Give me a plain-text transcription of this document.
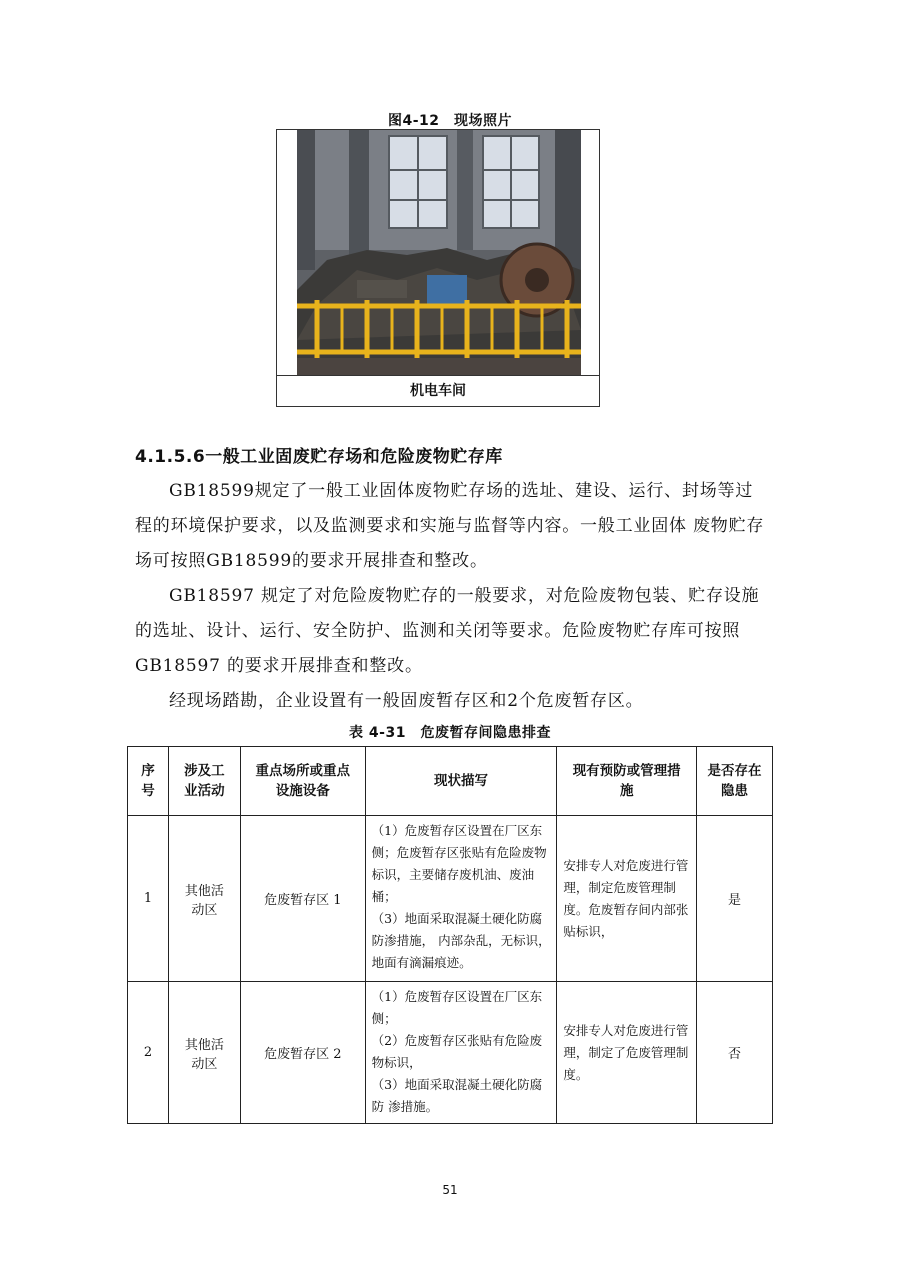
图4-12　现场照片
机电车间
4.1.5.6一般工业固废贮存场和危险废物贮存库
GB18599规定了一般工业固体废物贮存场的选址、建设、运行、封场等过程的环境保护要求，以及监测要求和实施与监督等内容。一般工业固体 废物贮存场可按照GB18599的要求开展排查和整改。
GB18597 规定了对危险废物贮存的一般要求，对危险废物包装、贮存设施的选址、设计、运行、安全防护、监测和关闭等要求。危险废物贮存库可按照GB18597 的要求开展排查和整改。
经现场踏勘，企业设置有一般固废暂存区和2个危废暂存区。
表 4-31　危废暂存间隐患排查
序号	涉及工业活动	重点场所或重点设施设备	现状描写	现有预防或管理措施	是否存在隐患
1	其他活动区	危废暂存区 1	（1）危废暂存区设置在厂区东侧；危废暂存区张贴有危险废物标识，主要储存废机油、废油桶；
（3）地面采取混凝土硬化防腐防渗措施， 内部杂乱，无标识，地面有滴漏痕迹。	安排专人对危废进行管理，制定危废管理制度。危废暂存间内部张贴标识，	是
2	其他活动区	危废暂存区 2	（1）危废暂存区设置在厂区东侧；
（2）危废暂存区张贴有危险废物标识，
（3）地面采取混凝土硬化防腐防 渗措施。	安排专人对危废进行管理，制定了危废管理制度。	否
51
